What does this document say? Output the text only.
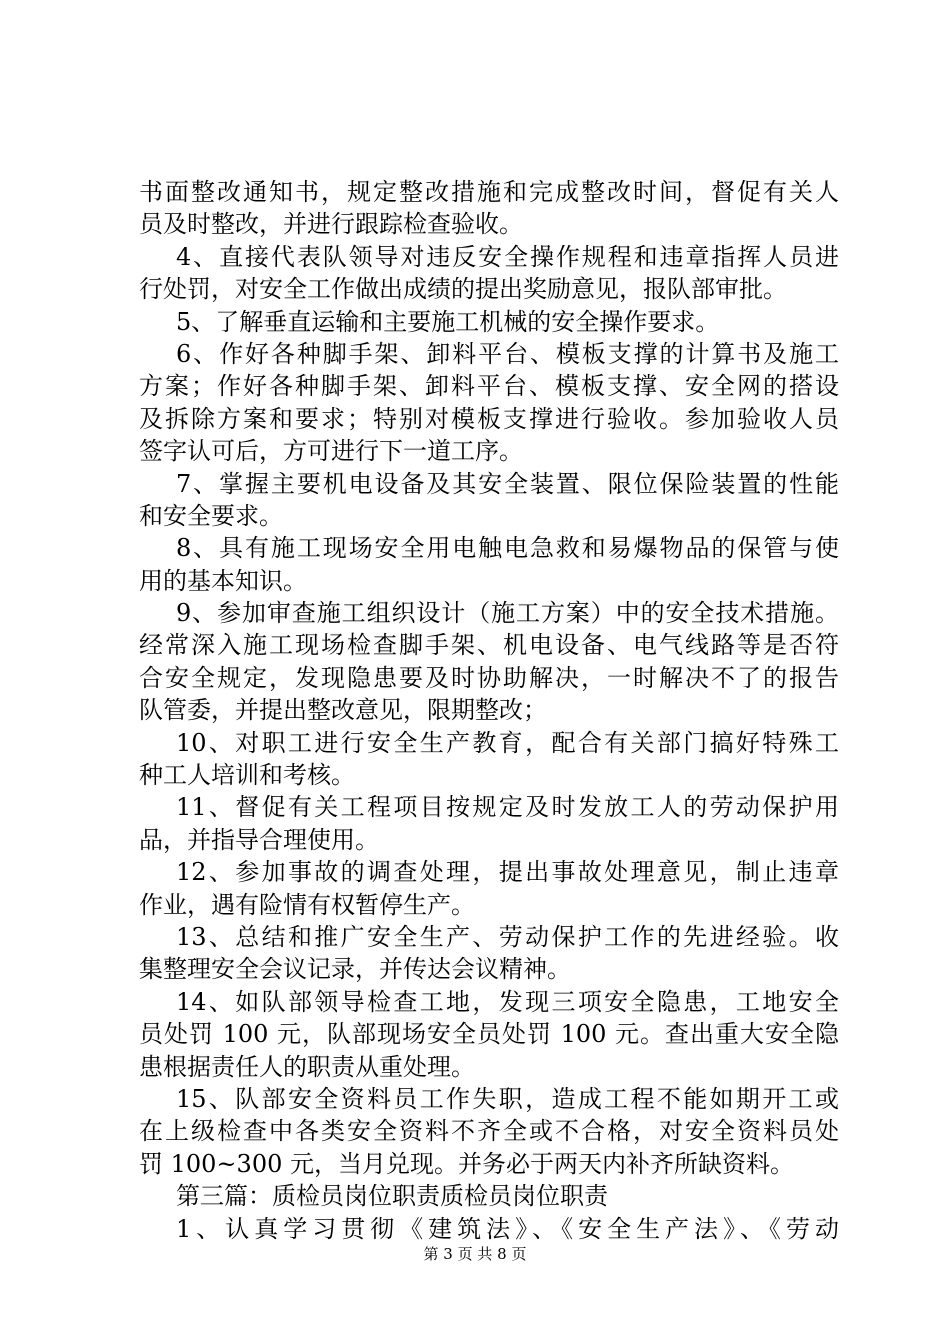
书面整改通知书，规定整改措施和完成整改时间，督促有关人
员及时整改，并进行跟踪检查验收。
4、直接代表队领导对违反安全操作规程和违章指挥人员进
行处罚，对安全工作做出成绩的提出奖励意见，报队部审批。
5、了解垂直运输和主要施工机械的安全操作要求。
6、作好各种脚手架、卸料平台、模板支撑的计算书及施工
方案；作好各种脚手架、卸料平台、模板支撑、安全网的搭设
及拆除方案和要求；特别对模板支撑进行验收。参加验收人员
签字认可后，方可进行下一道工序。
7、掌握主要机电设备及其安全装置、限位保险装置的性能
和安全要求。
8、具有施工现场安全用电触电急救和易爆物品的保管与使
用的基本知识。
9、参加审查施工组织设计（施工方案）中的安全技术措施。
经常深入施工现场检查脚手架、机电设备、电气线路等是否符
合安全规定，发现隐患要及时协助解决，一时解决不了的报告
队管委，并提出整改意见，限期整改；
10、对职工进行安全生产教育，配合有关部门搞好特殊工
种工人培训和考核。
11、督促有关工程项目按规定及时发放工人的劳动保护用
品，并指导合理使用。
12、参加事故的调查处理，提出事故处理意见，制止违章
作业，遇有险情有权暂停生产。
13、总结和推广安全生产、劳动保护工作的先进经验。收
集整理安全会议记录，并传达会议精神。
14、如队部领导检查工地，发现三项安全隐患，工地安全
员处罚 100 元，队部现场安全员处罚 100 元。查出重大安全隐
患根据责任人的职责从重处理。
15、队部安全资料员工作失职，造成工程不能如期开工或
在上级检查中各类安全资料不齐全或不合格，对安全资料员处
罚 100~300 元，当月兑现。并务必于两天内补齐所缺资料。
第三篇：质检员岗位职责质检员岗位职责
1、认真学习贯彻《建筑法》、《安全生产法》、《劳动
第 3 页 共 8 页
